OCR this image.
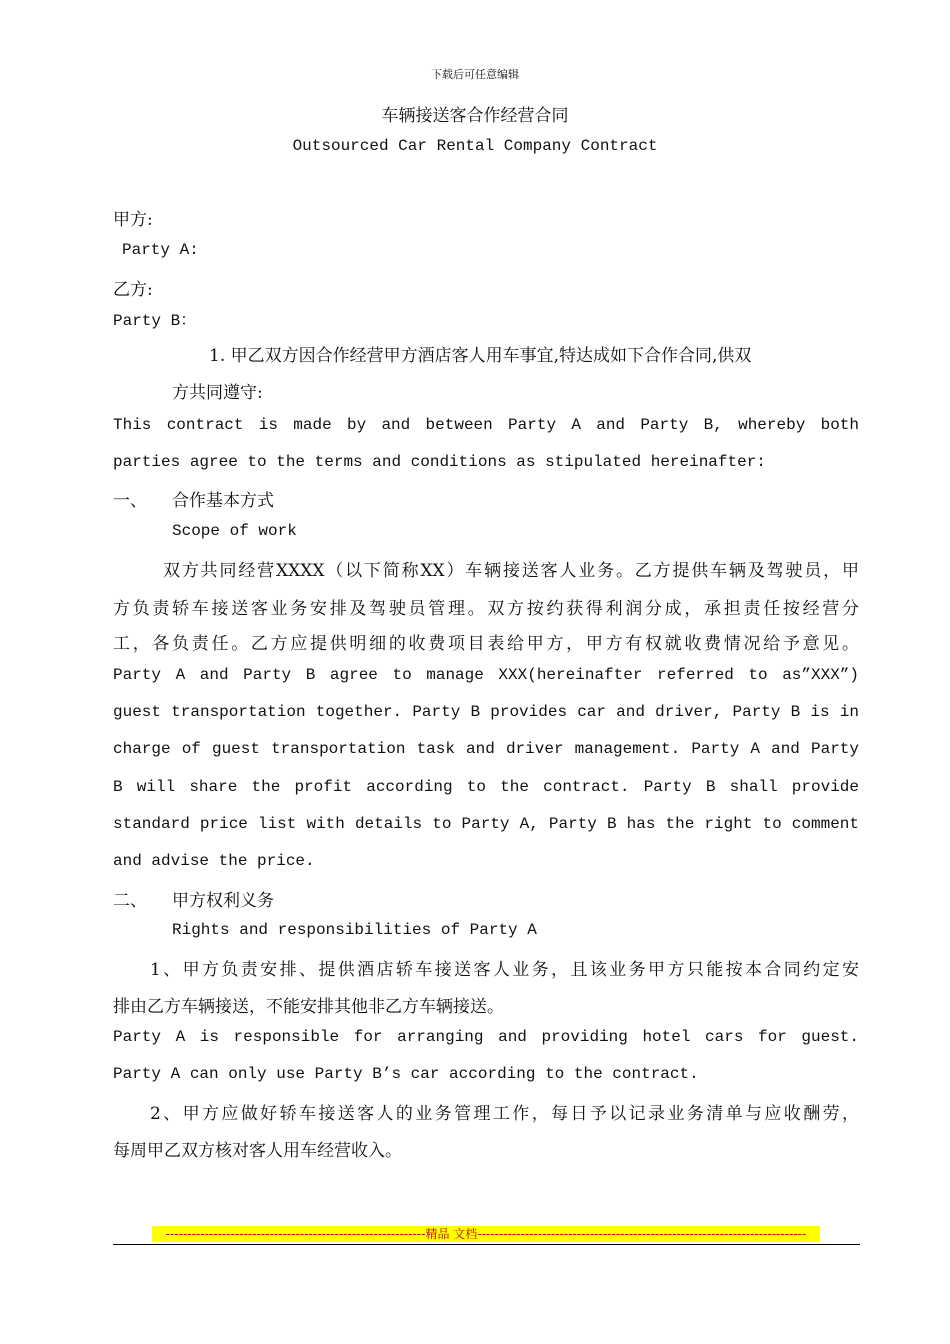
下载后可任意编辑
车辆接送客合作经营合同
Outsourced Car Rental Company Contract
甲方:
Party A:
乙方:
Party B：
1. 甲乙双方因合作经营甲方酒店客人用车事宜,特达成如下合作合同,供双
方共同遵守:
This contract is made by and between Party A and Party B, whereby both
parties agree to the terms and conditions as stipulated hereinafter:
一、 合作基本方式
Scope of work
双方共同经营XXXX（以下简称XX）车辆接送客人业务。乙方提供车辆及驾驶员，甲
方负责轿车接送客业务安排及驾驶员管理。双方按约获得利润分成，承担责任按经营分
工，各负责任。乙方应提供明细的收费项目表给甲方，甲方有权就收费情况给予意见。
Party A and Party B agree to manage XXX(hereinafter referred to as”XXX”)
guest transportation together. Party B provides car and driver, Party B is in
charge of guest transportation task and driver management. Party A and Party
B will share the profit according to the contract. Party B shall provide
standard price list with details to Party A, Party B has the right to comment
and advise the price.
二、 甲方权利义务
Rights and responsibilities of Party A
1、甲方负责安排、提供酒店轿车接送客人业务，且该业务甲方只能按本合同约定安
排由乙方车辆接送，不能安排其他非乙方车辆接送。
Party A is responsible for arranging and providing hotel cars for guest.
Party A can only use Party B’s car according to the contract.
2、甲方应做好轿车接送客人的业务管理工作，每日予以记录业务清单与应收酬劳，
每周甲乙双方核对客人用车经营收入。
------------------------------------------------------------精品 文档----------------------------------------------------------------------------
